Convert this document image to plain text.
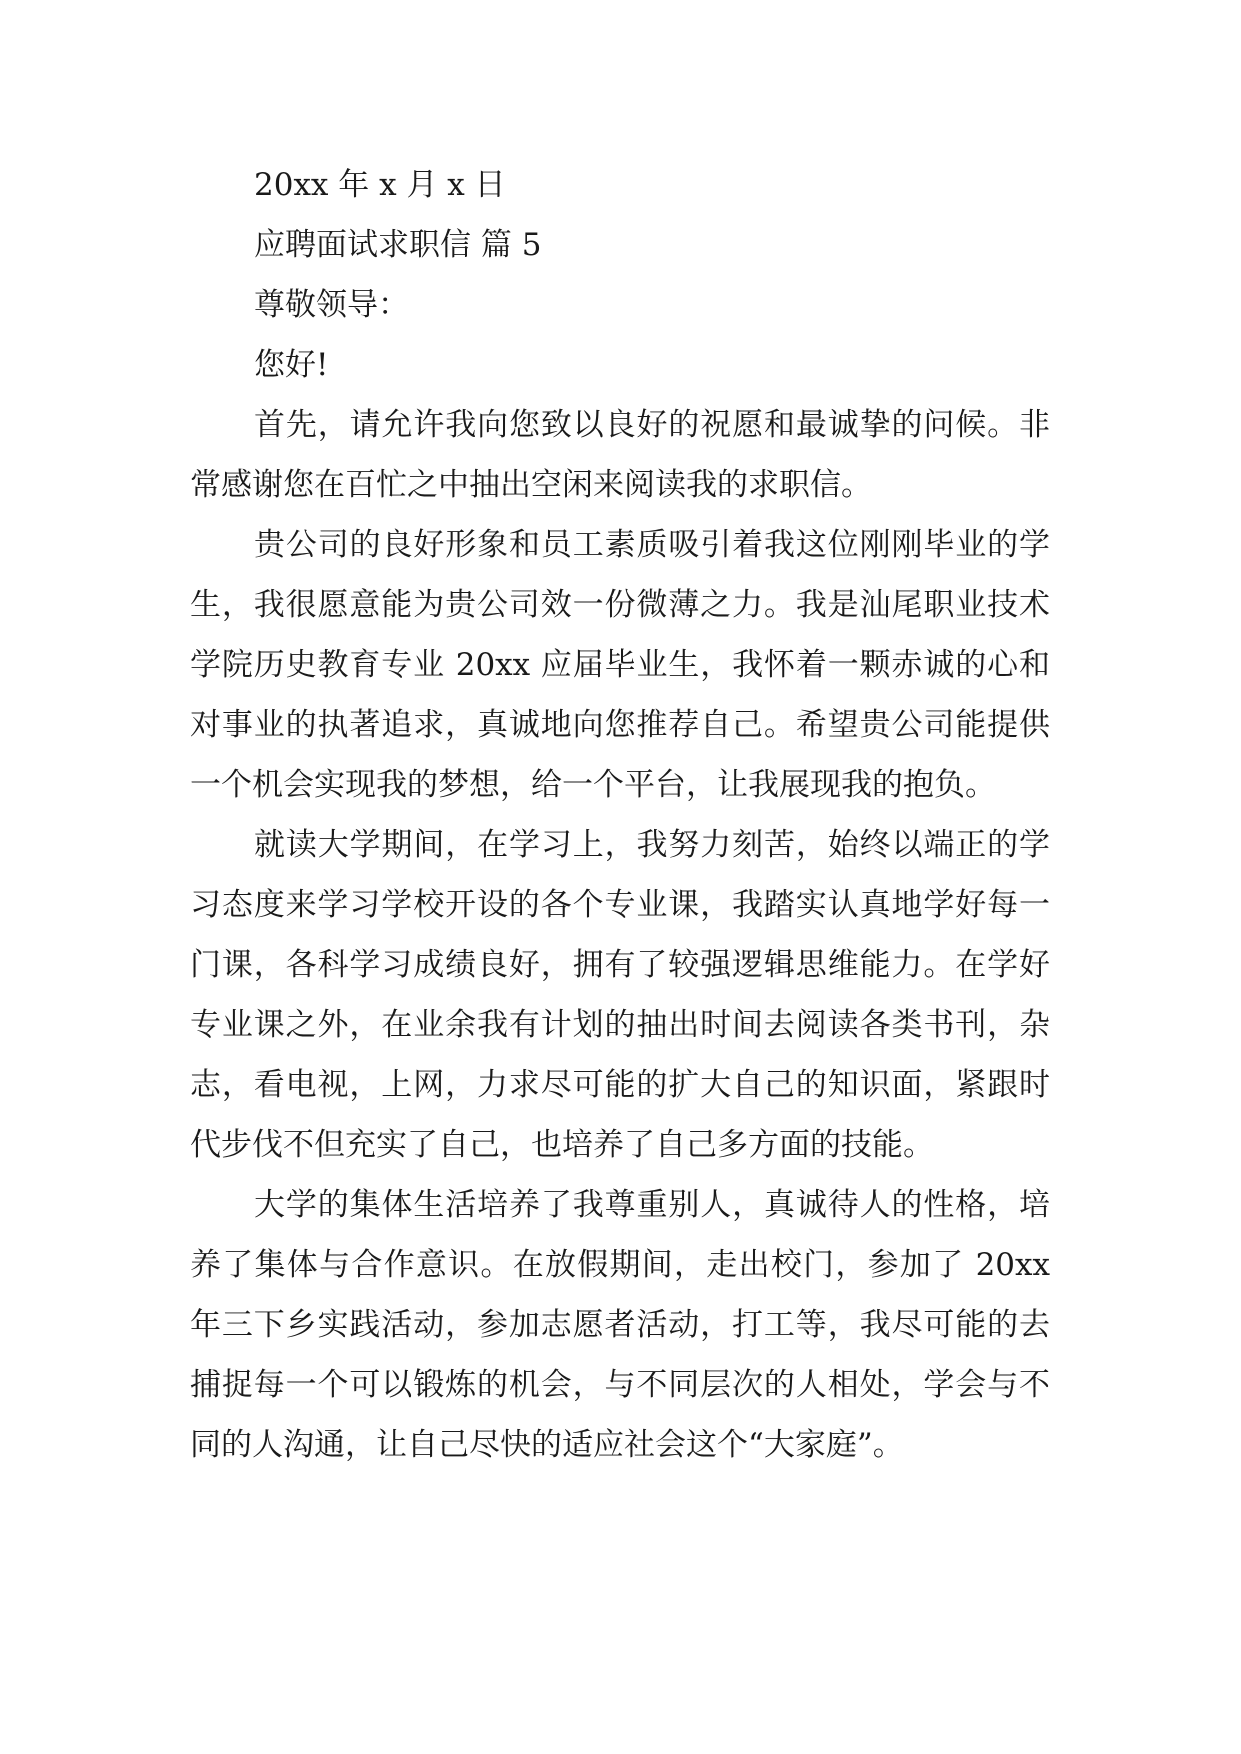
20xx 年 x 月 x 日

应聘面试求职信 篇 5

尊敬领导：

您好!

首先，请允许我向您致以良好的祝愿和最诚挚的问候。非常感谢您在百忙之中抽出空闲来阅读我的求职信。

贵公司的良好形象和员工素质吸引着我这位刚刚毕业的学生，我很愿意能为贵公司效一份微薄之力。我是汕尾职业技术学院历史教育专业 20xx 应届毕业生，我怀着一颗赤诚的心和对事业的执著追求，真诚地向您推荐自己。希望贵公司能提供一个机会实现我的梦想，给一个平台，让我展现我的抱负。

就读大学期间，在学习上，我努力刻苦，始终以端正的学习态度来学习学校开设的各个专业课，我踏实认真地学好每一门课，各科学习成绩良好，拥有了较强逻辑思维能力。在学好专业课之外，在业余我有计划的抽出时间去阅读各类书刊，杂志，看电视，上网，力求尽可能的扩大自己的知识面，紧跟时代步伐不但充实了自己，也培养了自己多方面的技能。

大学的集体生活培养了我尊重别人，真诚待人的性格，培养了集体与合作意识。在放假期间，走出校门，参加了 20xx 年三下乡实践活动，参加志愿者活动，打工等，我尽可能的去捕捉每一个可以锻炼的机会，与不同层次的人相处，学会与不同的人沟通，让自己尽快的适应社会这个“大家庭”。
